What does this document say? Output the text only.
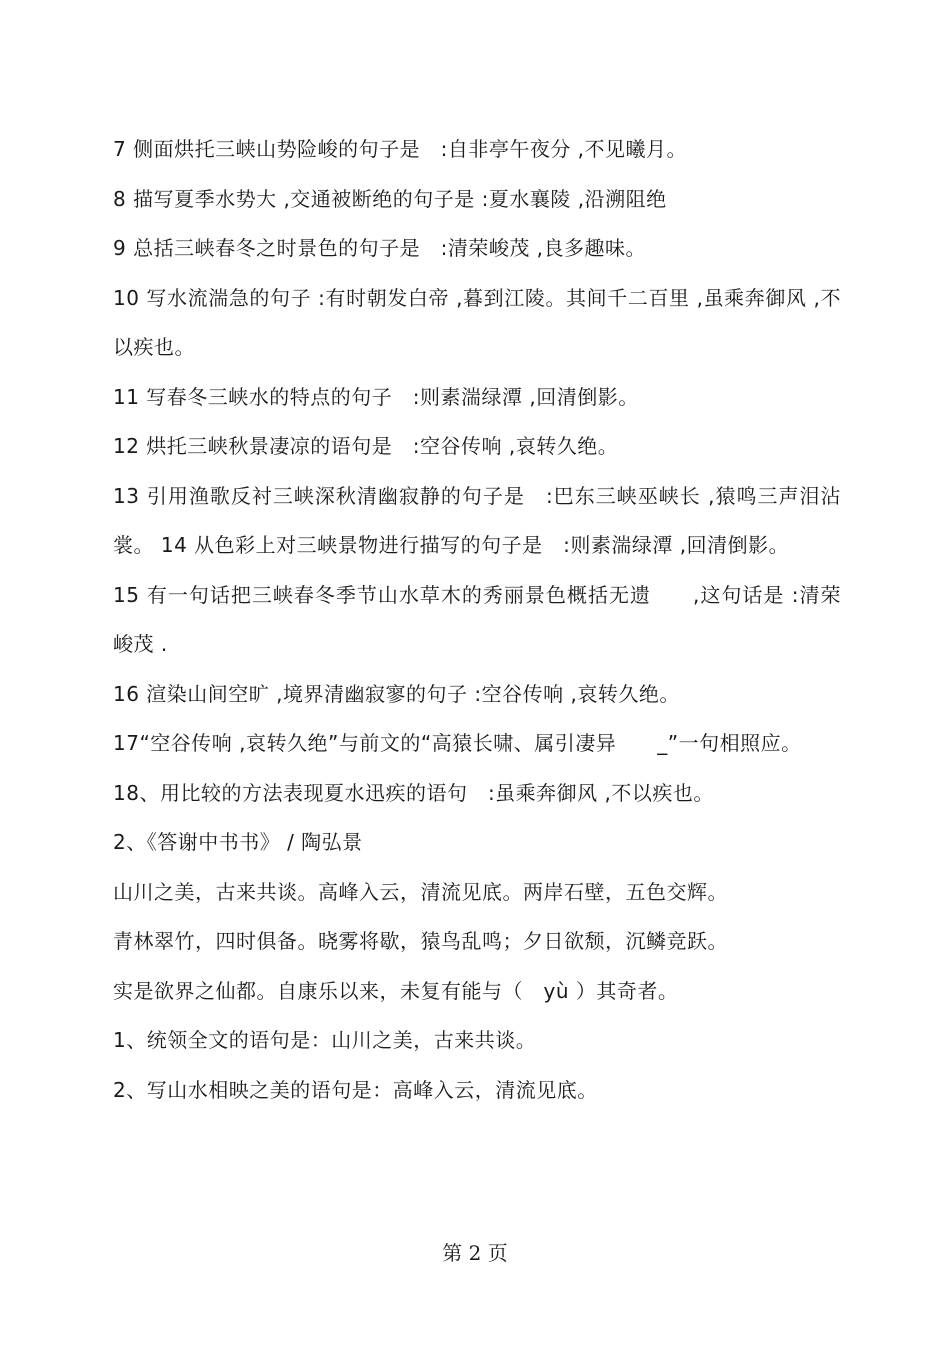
7 侧面烘托三峡山势险峻的句子是　:自非亭午夜分 ,不见曦月。

8 描写夏季水势大 ,交通被断绝的句子是 :夏水襄陵 ,沿溯阻绝

9 总括三峡春冬之时景色的句子是　:清荣峻茂 ,良多趣味。

10 写水流湍急的句子 :有时朝发白帝 ,暮到江陵。其间千二百里 ,虽乘奔御风 ,不以疾也。

11 写春冬三峡水的特点的句子　:则素湍绿潭 ,回清倒影。

12 烘托三峡秋景凄凉的语句是　:空谷传响 ,哀转久绝。

13 引用渔歌反衬三峡深秋清幽寂静的句子是　:巴东三峡巫峡长 ,猿鸣三声泪沾裳。 14 从色彩上对三峡景物进行描写的句子是　:则素湍绿潭 ,回清倒影。

15 有一句话把三峡春冬季节山水草木的秀丽景色概括无遗　　,这句话是 :清荣峻茂 .

16 渲染山间空旷 ,境界清幽寂寥的句子 :空谷传响 ,哀转久绝。

17“空谷传响 ,哀转久绝”与前文的“高猿长啸、属引凄异　　_”一句相照应。

18、用比较的方法表现夏水迅疾的语句　:虽乘奔御风 ,不以疾也。

2、《答谢中书书》 / 陶弘景

山川之美，古来共谈。高峰入云，清流见底。两岸石壁，五色交辉。

青林翠竹，四时俱备。晓雾将歇，猿鸟乱鸣；夕日欲颓，沉鳞竞跃。

实是欲界之仙都。自康乐以来，未复有能与（　yù ）其奇者。

1、统领全文的语句是：山川之美，古来共谈。

2、写山水相映之美的语句是：高峰入云，清流见底。

第 2 页
